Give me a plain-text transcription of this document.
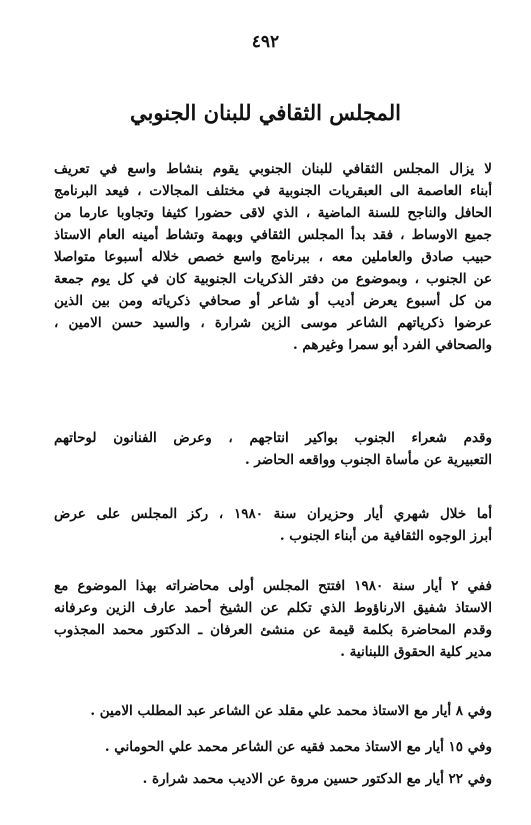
٤٩٢
المجلس الثقافي للبنان الجنوبي
لا يزال المجلس الثقافي للبنان الجنوبي يقوم بنشاط واسع في تعريف
أبناء العاصمة الى العبقريات الجنوبية في مختلف المجالات ، فيعد البرنامج
الحافل والناجح للسنة الماضية ، الذي لاقى حضورا كثيفا وتجاوبا عارما من
جميع الاوساط ، فقد بدأ المجلس الثقافي وبهمة وتشاط أمينه العام الاستاذ
حبيب صادق والعاملين معه ، ببرنامج واسع خصص خلاله أسبوعا متواصلا
عن الجنوب ، وبموضوع من دفتر الذكريات الجنوبية كان في كل يوم جمعة
من كل أسبوع يعرض أديب أو شاعر أو صحافي ذكرياته ومن بين الذين
عرضوا ذكرياتهم الشاعر موسى الزين شرارة ، والسيد حسن الامين ،
والصحافي الفرد أبو سمرا وغيرهم .
وقدم شعراء الجنوب بواكير انتاجهم ، وعرض الفنانون لوحاتهم
التعبيرية عن مأساة الجنوب وواقعه الحاضر .
أما خلال شهري أيار وحزيران سنة ١٩٨٠ ، ركز المجلس على عرض
أبرز الوجوه الثقافية من أبناء الجنوب .
ففي ٢ أيار سنة ١٩٨٠ افتتح المجلس أولى محاضراته بهذا الموضوع مع
الاستاذ شفيق الارناؤوط الذي تكلم عن الشيخ أحمد عارف الزين وعرفانه
وقدم المحاضرة بكلمة قيمة عن منشئ العرفان ـ الدكتور محمد المجذوب
مدير كلية الحقوق اللبنانية .
وفي ٨ أيار مع الاستاذ محمد علي مقلد عن الشاعر عبد المطلب الامين .
وفي ١٥ أيار مع الاستاذ محمد فقيه عن الشاعر محمد علي الحوماني .
وفي ٢٢ أيار مع الدكتور حسين مروة عن الاديب محمد شرارة .
